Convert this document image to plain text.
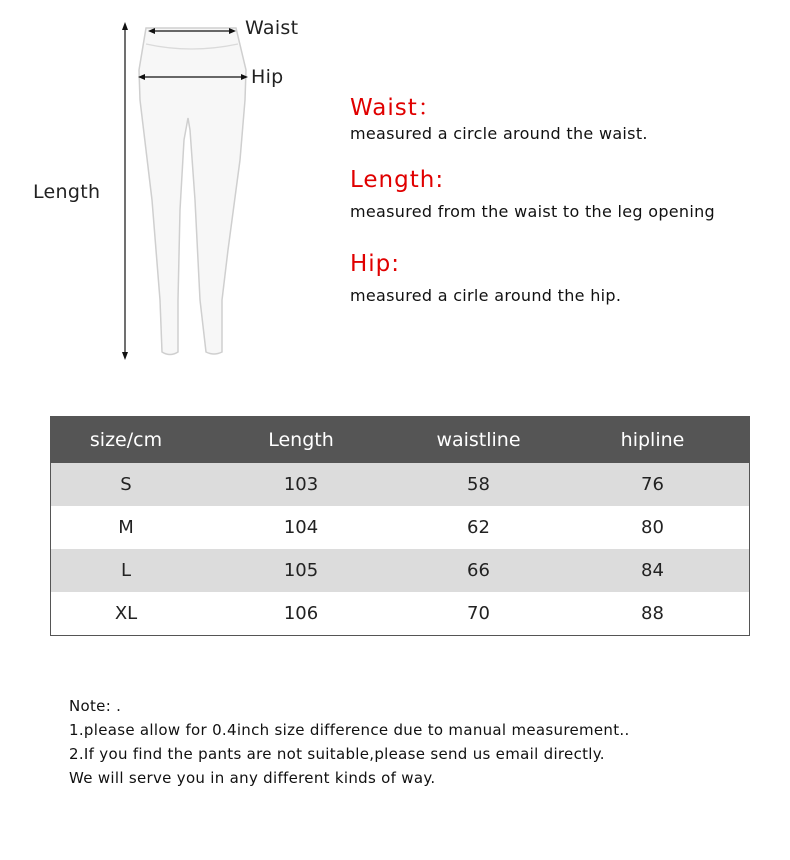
Waist
Hip
Length
Waist：
measured a circle around the waist.
Length:
measured from the waist to the leg opening
Hip:
measured a cirle around the hip.
size/cm	Length	waistline	hipline
S	103	58	76
M	104	62	80
L	105	66	84
XL	106	70	88
Note: .
1.please allow for 0.4inch size difference due to manual measurement..
2.If you find the pants are not suitable,please send us email directly.
We will serve you in any different kinds of way.
